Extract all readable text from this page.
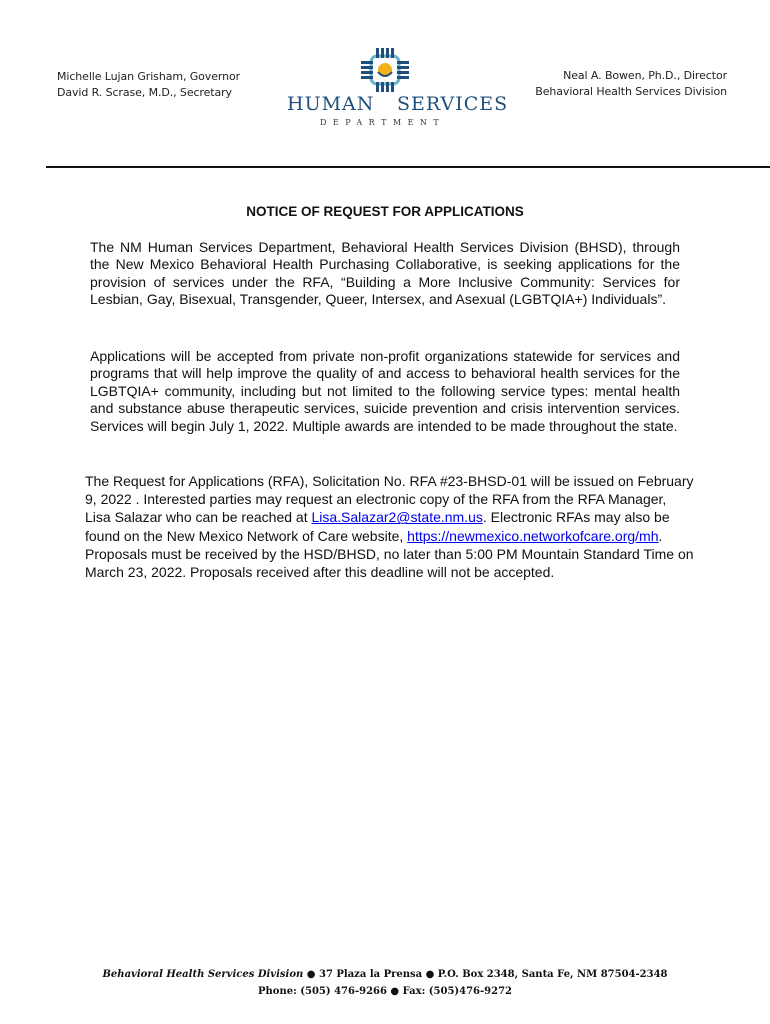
Michelle Lujan Grisham, Governor
David R. Scrase, M.D., Secretary
HUMAN SERVICES
DEPARTMENT
Neal A. Bowen, Ph.D., Director
Behavioral Health Services Division
NOTICE OF REQUEST FOR APPLICATIONS
The NM Human Services Department, Behavioral Health Services Division (BHSD), through the New Mexico Behavioral Health Purchasing Collaborative, is seeking applications for the provision of services under the RFA, “Building a More Inclusive Community: Services for Lesbian, Gay, Bisexual, Transgender, Queer, Intersex, and Asexual (LGBTQIA+) Individuals”.
Applications will be accepted from private non-profit organizations statewide for services and programs that will help improve the quality of and access to behavioral health services for the LGBTQIA+ community, including but not limited to the following service types: mental health and substance abuse therapeutic services, suicide prevention and crisis intervention services. Services will begin July 1, 2022. Multiple awards are intended to be made throughout the state.
The Request for Applications (RFA), Solicitation No. RFA #23-BHSD-01 will be issued on February 9, 2022 . Interested parties may request an electronic copy of the RFA from the RFA Manager, Lisa Salazar who can be reached at Lisa.Salazar2@state.nm.us. Electronic RFAs may also be found on the New Mexico Network of Care website, https://newmexico.networkofcare.org/mh. Proposals must be received by the HSD/BHSD, no later than 5:00 PM Mountain Standard Time on March 23, 2022. Proposals received after this deadline will not be accepted.
Behavioral Health Services Division ● 37 Plaza la Prensa ● P.O. Box 2348, Santa Fe, NM 87504-2348
Phone: (505) 476-9266 ● Fax: (505)476-9272
